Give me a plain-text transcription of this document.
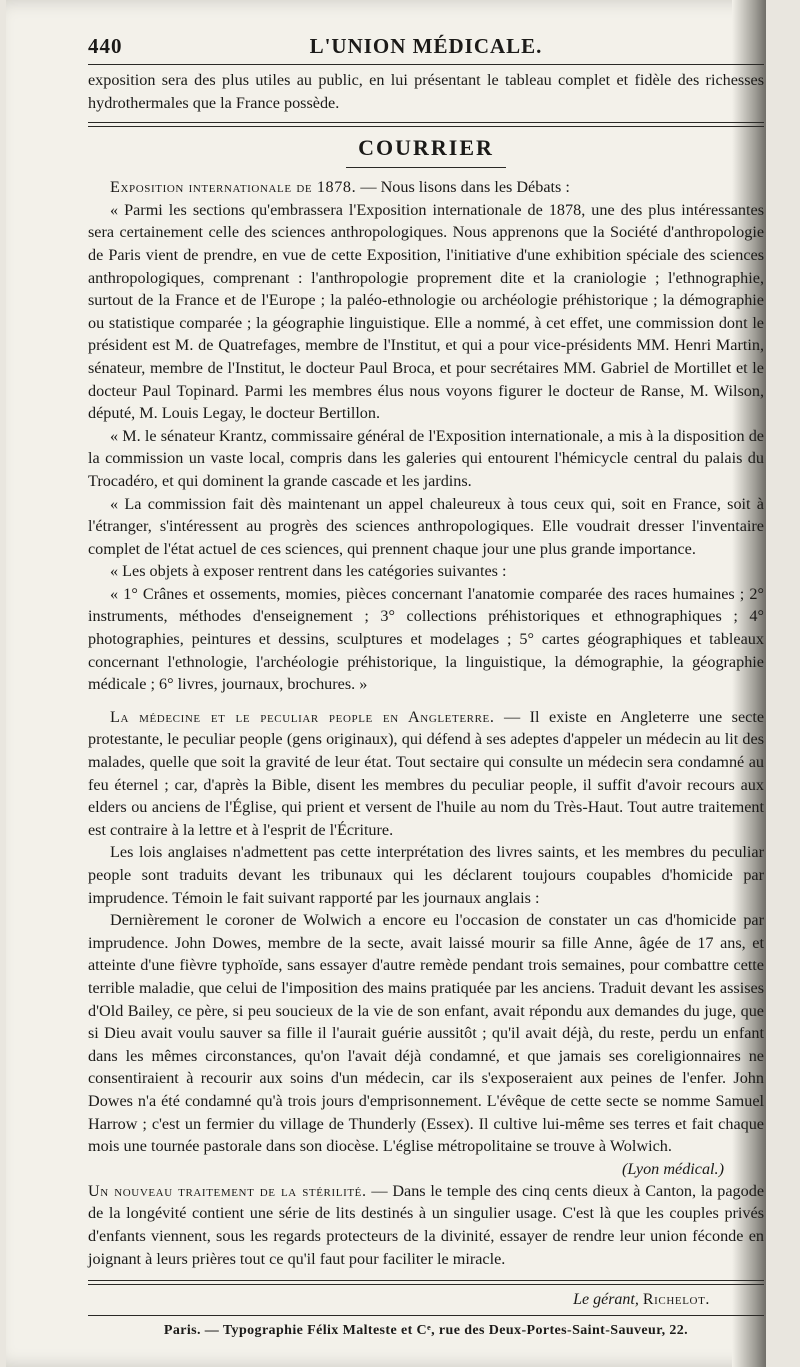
440	L'UNION MÉDICALE.

exposition sera des plus utiles au public, en lui présentant le tableau complet et fidèle des richesses hydrothermales que la France possède.

COURRIER

Exposition internationale de 1878. — Nous lisons dans les Débats :

« Parmi les sections qu'embrassera l'Exposition internationale de 1878, une des plus intéressantes sera certainement celle des sciences anthropologiques. Nous apprenons que la Société d'anthropologie de Paris vient de prendre, en vue de cette Exposition, l'initiative d'une exhibition spéciale des sciences anthropologiques, comprenant : l'anthropologie proprement dite et la craniologie ; l'ethnographie, surtout de la France et de l'Europe ; la paléo-ethnologie ou archéologie préhistorique ; la démographie ou statistique comparée ; la géographie linguistique. Elle a nommé, à cet effet, une commission dont le président est M. de Quatrefages, membre de l'Institut, et qui a pour vice-présidents MM. Henri Martin, sénateur, membre de l'Institut, le docteur Paul Broca, et pour secrétaires MM. Gabriel de Mortillet et le docteur Paul Topinard. Parmi les membres élus nous voyons figurer le docteur de Ranse, M. Wilson, député, M. Louis Legay, le docteur Bertillon.

« M. le sénateur Krantz, commissaire général de l'Exposition internationale, a mis à la disposition de la commission un vaste local, compris dans les galeries qui entourent l'hémicycle central du palais du Trocadéro, et qui dominent la grande cascade et les jardins.

« La commission fait dès maintenant un appel chaleureux à tous ceux qui, soit en France, soit à l'étranger, s'intéressent au progrès des sciences anthropologiques. Elle voudrait dresser l'inventaire complet de l'état actuel de ces sciences, qui prennent chaque jour une plus grande importance.

« Les objets à exposer rentrent dans les catégories suivantes :

« 1° Crânes et ossements, momies, pièces concernant l'anatomie comparée des races humaines ; 2° instruments, méthodes d'enseignement ; 3° collections préhistoriques et ethnographiques ; 4° photographies, peintures et dessins, sculptures et modelages ; 5° cartes géographiques et tableaux concernant l'ethnologie, l'archéologie préhistorique, la linguistique, la démographie, la géographie médicale ; 6° livres, journaux, brochures. »

La médecine et le peculiar people en Angleterre. — Il existe en Angleterre une secte protestante, le peculiar people (gens originaux), qui défend à ses adeptes d'appeler un médecin au lit des malades, quelle que soit la gravité de leur état. Tout sectaire qui consulte un médecin sera condamné au feu éternel ; car, d'après la Bible, disent les membres du peculiar people, il suffit d'avoir recours aux elders ou anciens de l'Église, qui prient et versent de l'huile au nom du Très-Haut. Tout autre traitement est contraire à la lettre et à l'esprit de l'Écriture.

Les lois anglaises n'admettent pas cette interprétation des livres saints, et les membres du peculiar people sont traduits devant les tribunaux qui les déclarent toujours coupables d'homicide par imprudence. Témoin le fait suivant rapporté par les journaux anglais :

Dernièrement le coroner de Wolwich a encore eu l'occasion de constater un cas d'homicide par imprudence. John Dowes, membre de la secte, avait laissé mourir sa fille Anne, âgée de 17 ans, et atteinte d'une fièvre typhoïde, sans essayer d'autre remède pendant trois semaines, pour combattre cette terrible maladie, que celui de l'imposition des mains pratiquée par les anciens. Traduit devant les assises d'Old Bailey, ce père, si peu soucieux de la vie de son enfant, avait répondu aux demandes du juge, que si Dieu avait voulu sauver sa fille il l'aurait guérie aussitôt ; qu'il avait déjà, du reste, perdu un enfant dans les mêmes circonstances, qu'on l'avait déjà condamné, et que jamais ses coreligionnaires ne consentiraient à recourir aux soins d'un médecin, car ils s'exposeraient aux peines de l'enfer. John Dowes n'a été condamné qu'à trois jours d'emprisonnement. L'évêque de cette secte se nomme Samuel Harrow ; c'est un fermier du village de Thunderly (Essex). Il cultive lui-même ses terres et fait chaque mois une tournée pastorale dans son diocèse. L'église métropolitaine se trouve à Wolwich.

(Lyon médical.)

Un nouveau traitement de la stérilité. — Dans le temple des cinq cents dieux à Canton, la pagode de la longévité contient une série de lits destinés à un singulier usage. C'est là que les couples privés d'enfants viennent, sous les regards protecteurs de la divinité, essayer de rendre leur union féconde en joignant à leurs prières tout ce qu'il faut pour faciliter le miracle.

Le gérant, Richelot.
Paris. — Typographie Félix Malteste et Cᵉ, rue des Deux-Portes-Saint-Sauveur, 22.
